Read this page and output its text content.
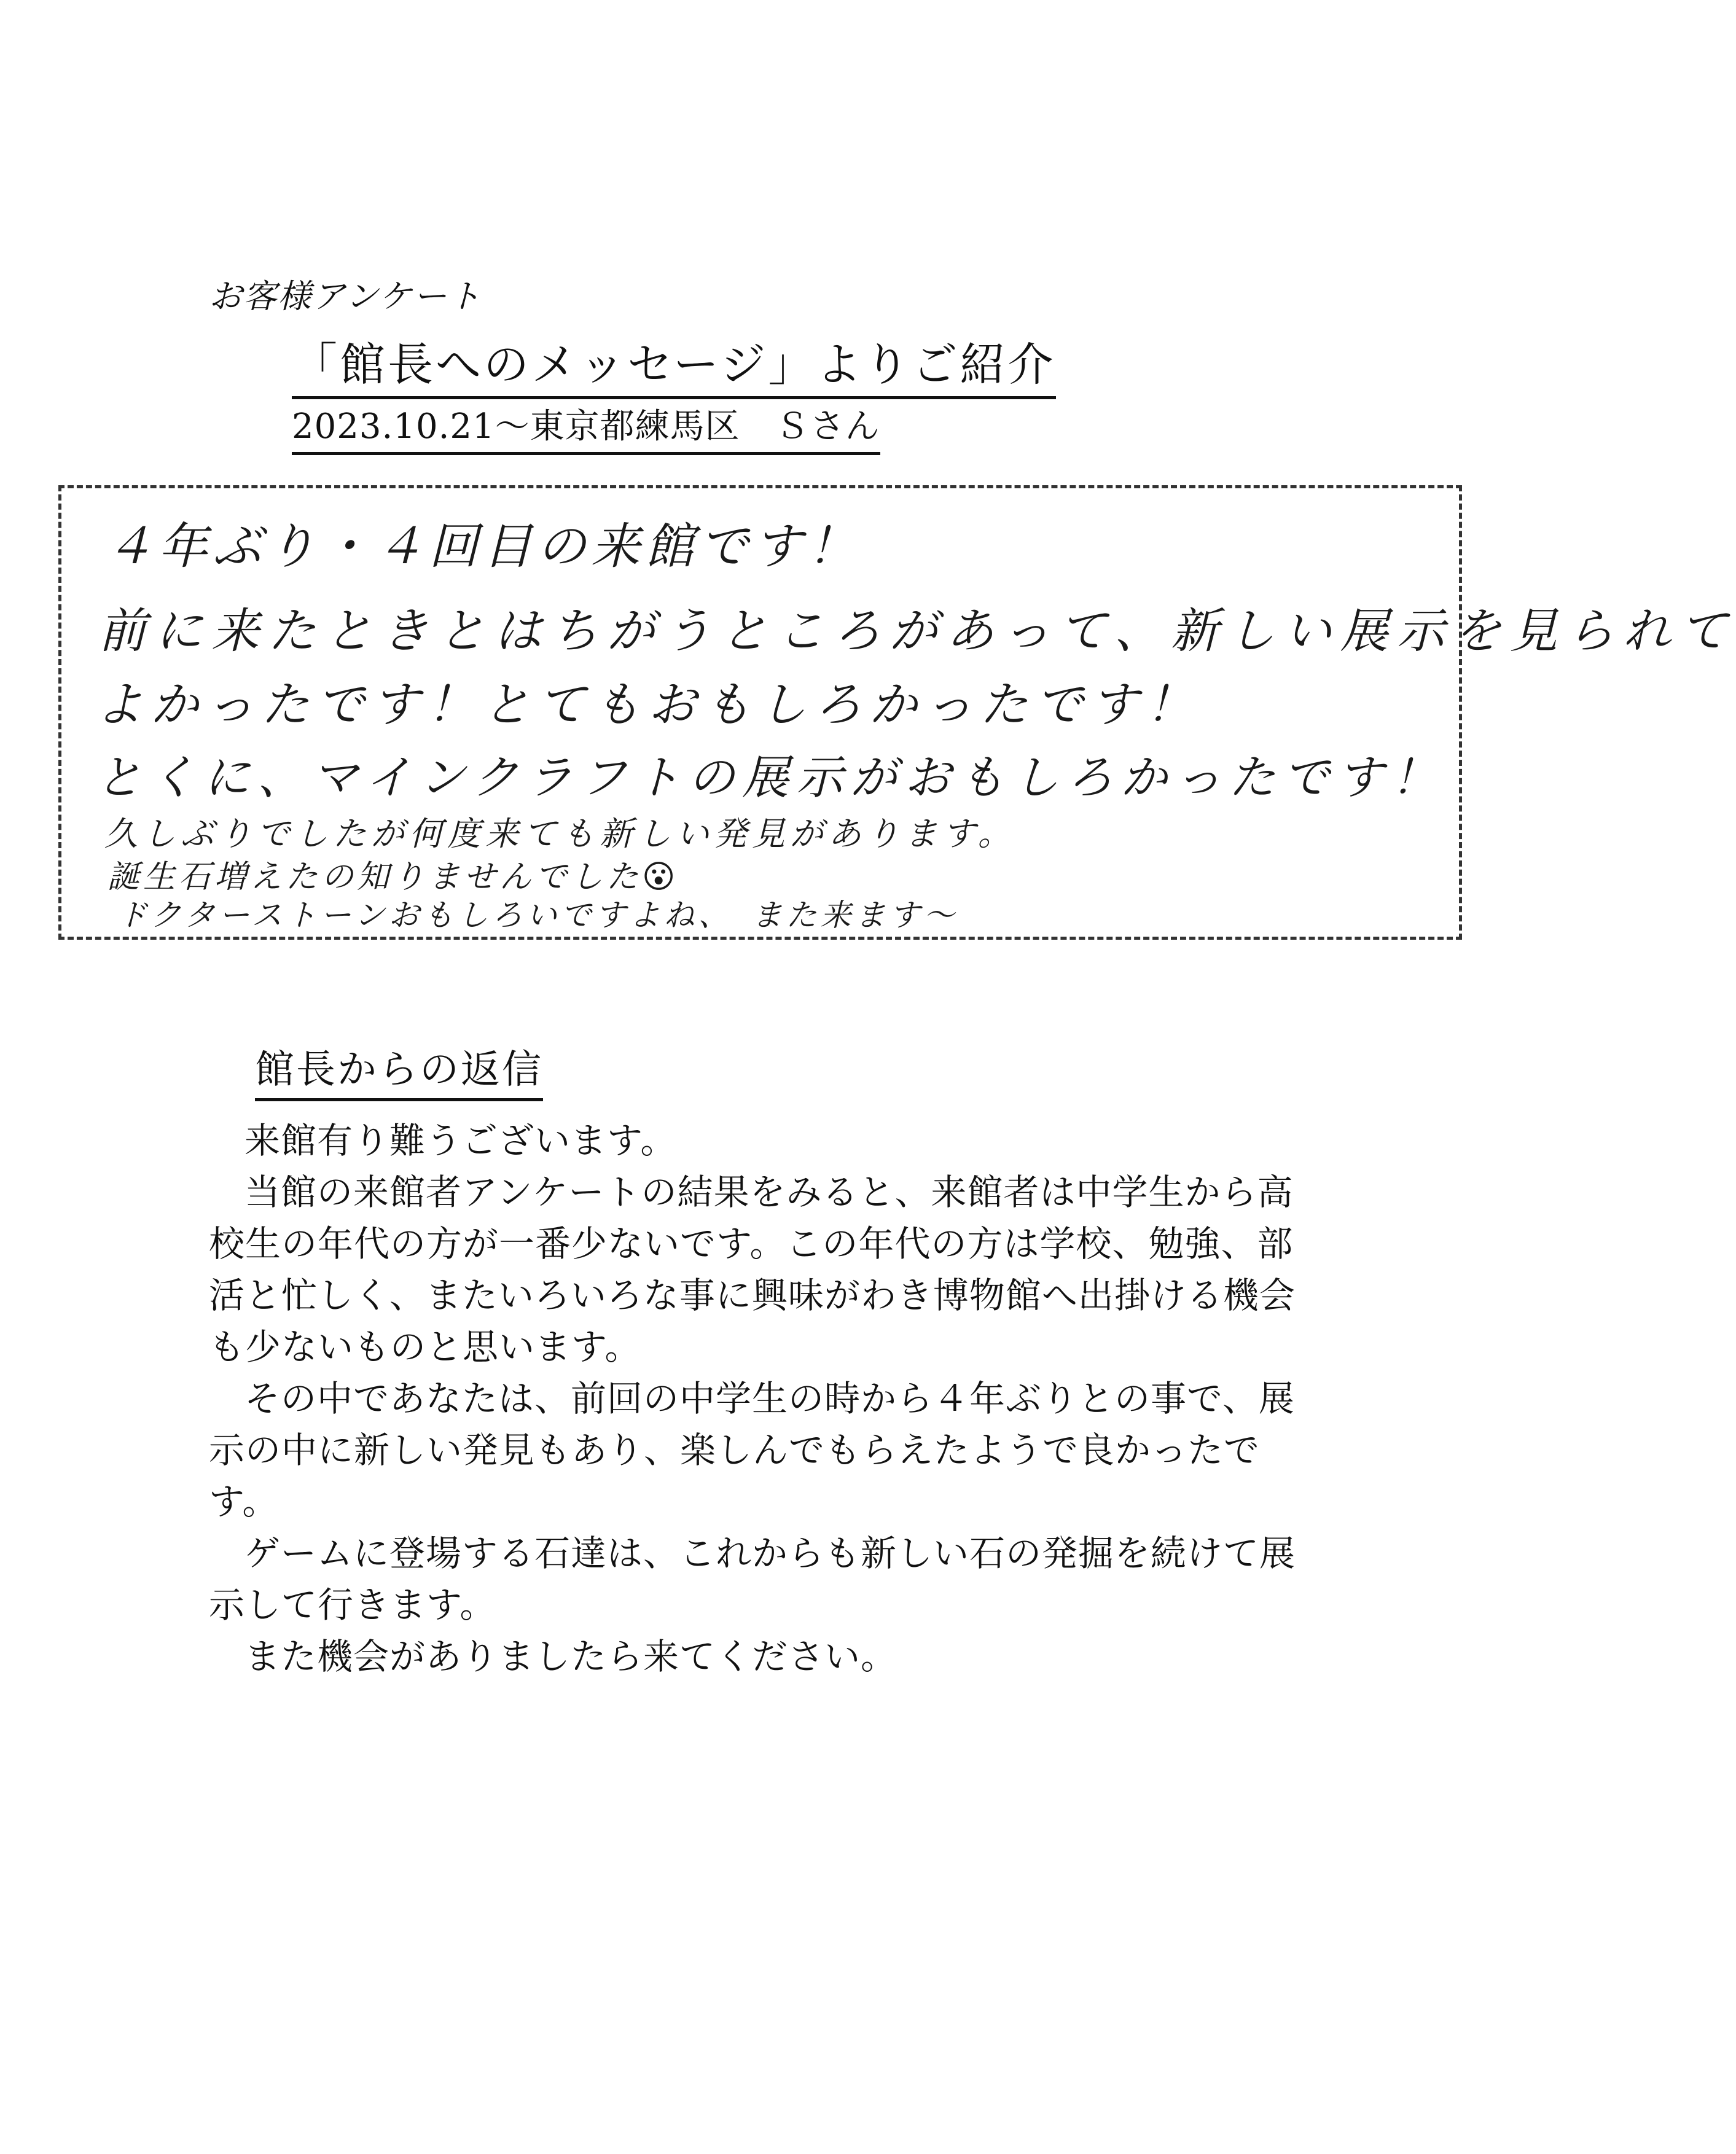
お客様アンケート
「館長へのメッセージ」よりご紹介
2023.10.21～東京都練馬区　Ｓさん
４年ぶり・４回目の来館です！
前に来たときとはちがうところがあって、新しい展示を見られて
よかったです！とてもおもしろかったです！
とくに、マインクラフトの展示がおもしろかったです！
久しぶりでしたが何度来ても新しい発見があります。
誕生石増えたの知りませんでした😮
ドクターストーンおもしろいですよね、　また来ます～
館長からの返信

来館有り難うございます。

当館の来館者アンケートの結果をみると、来館者は中学生から高校生の年代の方が一番少ないです。この年代の方は学校、勉強、部活と忙しく、またいろいろな事に興味がわき博物館へ出掛ける機会も少ないものと思います。

その中であなたは、前回の中学生の時から４年ぶりとの事で、展示の中に新しい発見もあり、楽しんでもらえたようで良かったです。

ゲームに登場する石達は、これからも新しい石の発掘を続けて展示して行きます。

また機会がありましたら来てください。
